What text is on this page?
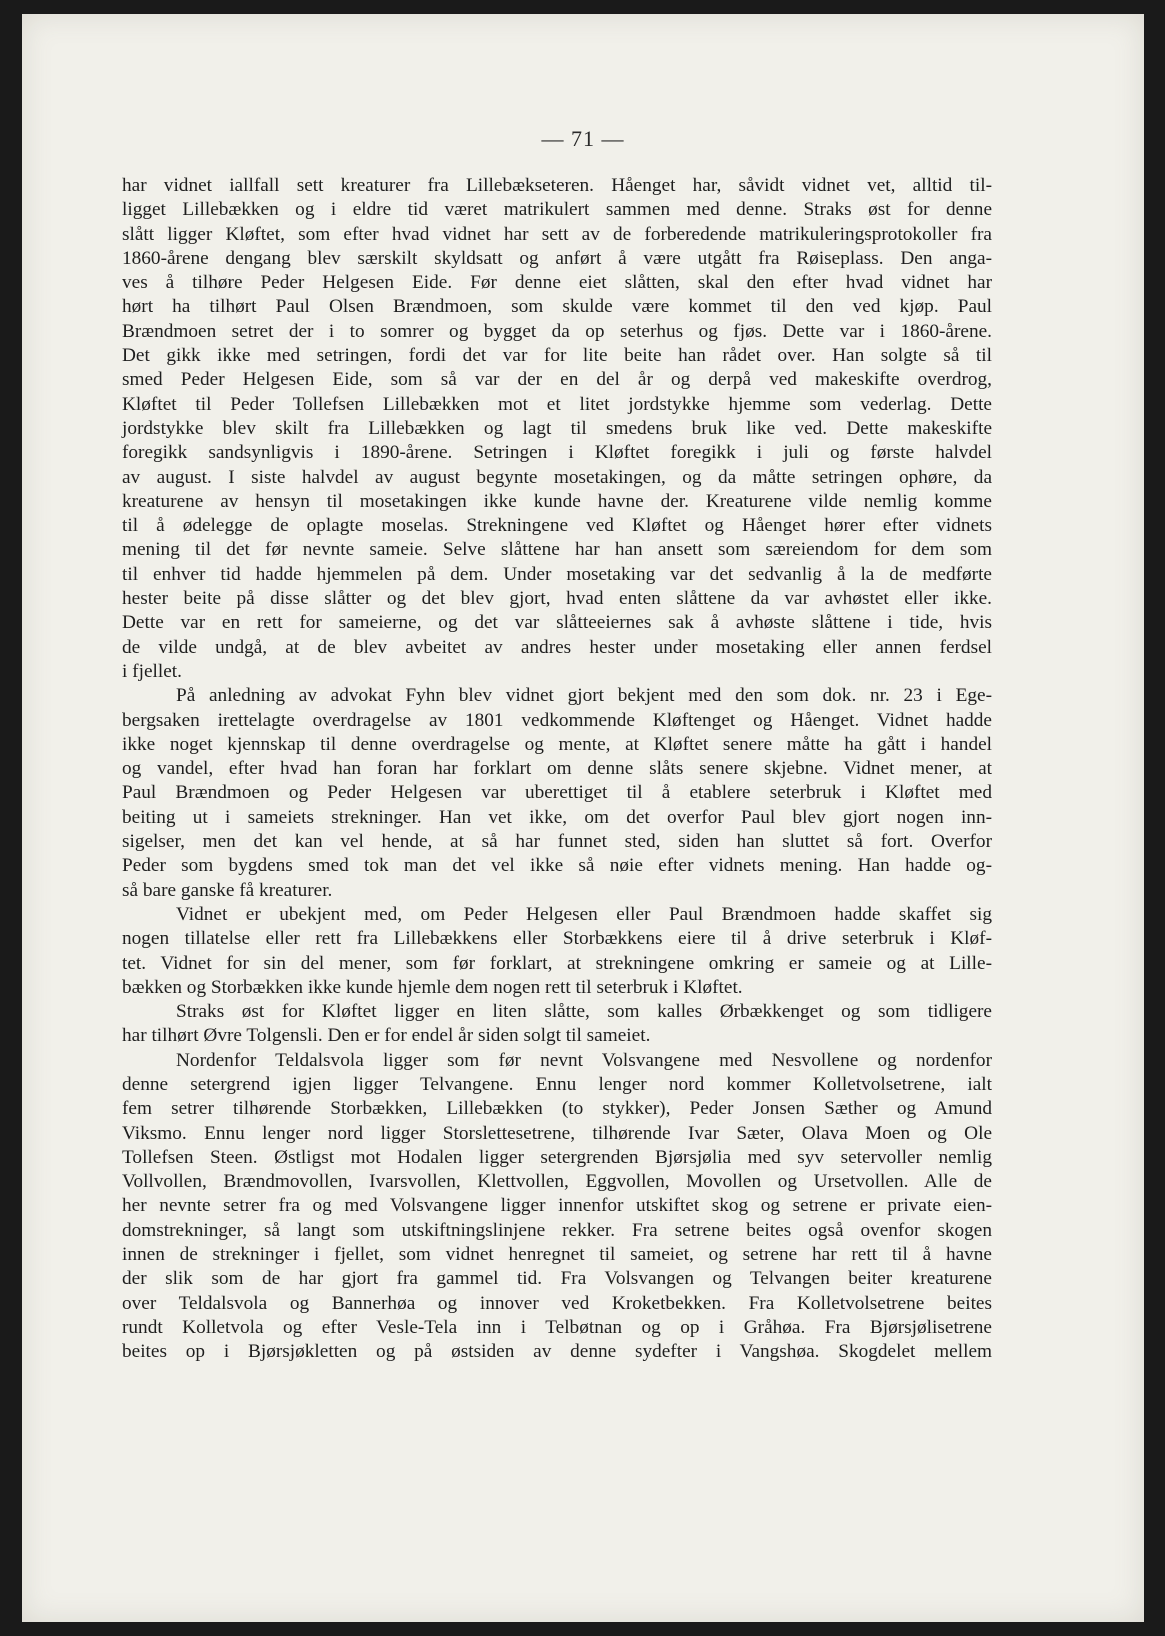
— 71 —
har vidnet iallfall sett kreaturer fra Lillebækseteren. Håenget har, såvidt vidnet vet, alltid til-
ligget Lillebækken og i eldre tid været matrikulert sammen med denne. Straks øst for denne
slått ligger Kløftet, som efter hvad vidnet har sett av de forberedende matrikuleringsprotokoller fra
1860-årene dengang blev særskilt skyldsatt og anført å være utgått fra Røiseplass. Den anga-
ves å tilhøre Peder Helgesen Eide. Før denne eiet slåtten, skal den efter hvad vidnet har
hørt ha tilhørt Paul Olsen Brændmoen, som skulde være kommet til den ved kjøp. Paul
Brændmoen setret der i to somrer og bygget da op seterhus og fjøs. Dette var i 1860-årene.
Det gikk ikke med setringen, fordi det var for lite beite han rådet over. Han solgte så til
smed Peder Helgesen Eide, som så var der en del år og derpå ved makeskifte overdrog,
Kløftet til Peder Tollefsen Lillebækken mot et litet jordstykke hjemme som vederlag. Dette
jordstykke blev skilt fra Lillebækken og lagt til smedens bruk like ved. Dette makeskifte
foregikk sandsynligvis i 1890-årene. Setringen i Kløftet foregikk i juli og første halvdel
av august. I siste halvdel av august begynte mosetakingen, og da måtte setringen ophøre, da
kreaturene av hensyn til mosetakingen ikke kunde havne der. Kreaturene vilde nemlig komme
til å ødelegge de oplagte moselas. Strekningene ved Kløftet og Håenget hører efter vidnets
mening til det før nevnte sameie. Selve slåttene har han ansett som særeiendom for dem som
til enhver tid hadde hjemmelen på dem. Under mosetaking var det sedvanlig å la de medførte
hester beite på disse slåtter og det blev gjort, hvad enten slåttene da var avhøstet eller ikke.
Dette var en rett for sameierne, og det var slåtteeiernes sak å avhøste slåttene i tide, hvis
de vilde undgå, at de blev avbeitet av andres hester under mosetaking eller annen ferdsel
i fjellet.
På anledning av advokat Fyhn blev vidnet gjort bekjent med den som dok. nr. 23 i Ege-
bergsaken irettelagte overdragelse av 1801 vedkommende Kløftenget og Håenget. Vidnet hadde
ikke noget kjennskap til denne overdragelse og mente, at Kløftet senere måtte ha gått i handel
og vandel, efter hvad han foran har forklart om denne slåts senere skjebne. Vidnet mener, at
Paul Brændmoen og Peder Helgesen var uberettiget til å etablere seterbruk i Kløftet med
beiting ut i sameiets strekninger. Han vet ikke, om det overfor Paul blev gjort nogen inn-
sigelser, men det kan vel hende, at så har funnet sted, siden han sluttet så fort. Overfor
Peder som bygdens smed tok man det vel ikke så nøie efter vidnets mening. Han hadde og-
så bare ganske få kreaturer.
Vidnet er ubekjent med, om Peder Helgesen eller Paul Brændmoen hadde skaffet sig
nogen tillatelse eller rett fra Lillebækkens eller Storbækkens eiere til å drive seterbruk i Kløf-
tet. Vidnet for sin del mener, som før forklart, at strekningene omkring er sameie og at Lille-
bækken og Storbækken ikke kunde hjemle dem nogen rett til seterbruk i Kløftet.
Straks øst for Kløftet ligger en liten slåtte, som kalles Ørbækkenget og som tidligere
har tilhørt Øvre Tolgensli. Den er for endel år siden solgt til sameiet.
Nordenfor Teldalsvola ligger som før nevnt Volsvangene med Nesvollene og nordenfor
denne setergrend igjen ligger Telvangene. Ennu lenger nord kommer Kolletvolsetrene, ialt
fem setrer tilhørende Storbækken, Lillebækken (to stykker), Peder Jonsen Sæther og Amund
Viksmo. Ennu lenger nord ligger Storslettesetrene, tilhørende Ivar Sæter, Olava Moen og Ole
Tollefsen Steen. Østligst mot Hodalen ligger setergrenden Bjørsjølia med syv setervoller nemlig
Vollvollen, Brændmovollen, Ivarsvollen, Klettvollen, Eggvollen, Movollen og Ursetvollen. Alle de
her nevnte setrer fra og med Volsvangene ligger innenfor utskiftet skog og setrene er private eien-
domstrekninger, så langt som utskiftningslinjene rekker. Fra setrene beites også ovenfor skogen
innen de strekninger i fjellet, som vidnet henregnet til sameiet, og setrene har rett til å havne
der slik som de har gjort fra gammel tid. Fra Volsvangen og Telvangen beiter kreaturene
over Teldalsvola og Bannerhøa og innover ved Kroketbekken. Fra Kolletvolsetrene beites
rundt Kolletvola og efter Vesle-Tela inn i Telbøtnan og op i Gråhøa. Fra Bjørsjølisetrene
beites op i Bjørsjøkletten og på østsiden av denne sydefter i Vangshøa. Skogdelet mellem
